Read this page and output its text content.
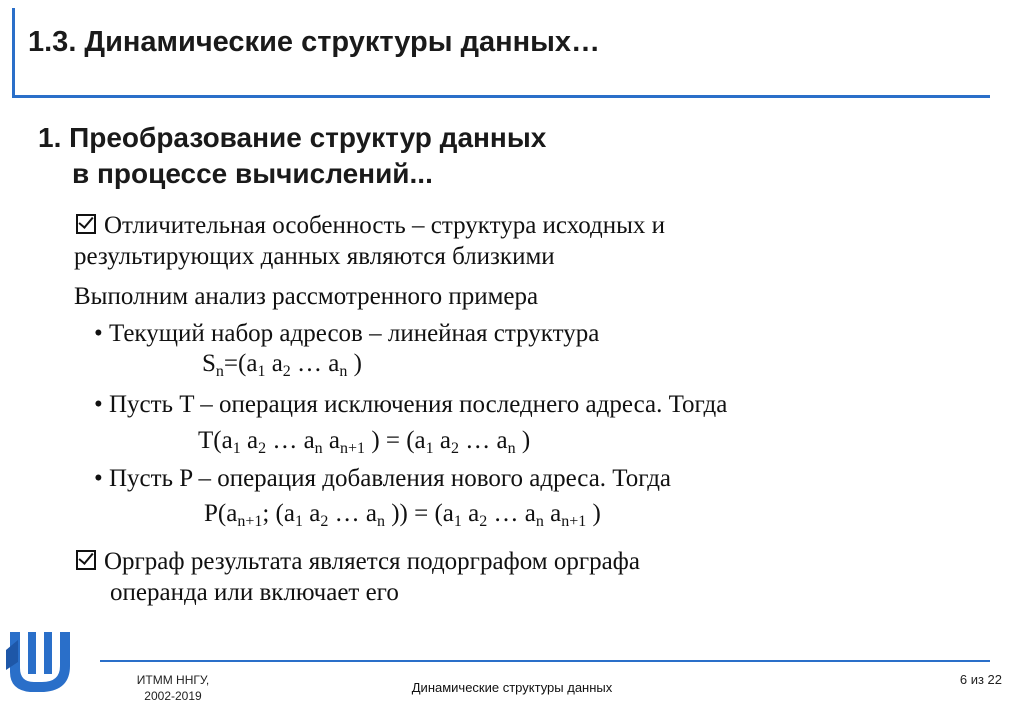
1.3. Динамические структуры данных…
1. Преобразование структур данных
в процессе вычислений...
Отличительная особенность – структура исходных и
результирующих данных являются близкими
Выполним анализ рассмотренного примера
• Текущий набор адресов – линейная структура
$S_n=(a_1$ $a_2$ … $a_n$ )
• Пусть T – операция исключения последнего адреса. Тогда
$T(a_1$ $a_2$ … $a_n$ $a_{n+1}$ ) = ($a_1$ $a_2$ … $a_n$ )
• Пусть P – операция добавления нового адреса. Тогда
$P(a_{n+1}$; ($a_1$ $a_2$ … $a_n$ )) = ($a_1$ $a_2$ … $a_n$ $a_{n+1}$ )
Орграф результата является подорграфом орграфа
операнда или включает его
ИТММ ННГУ,
2002-2019
Динамические структуры данных
6 из 22
